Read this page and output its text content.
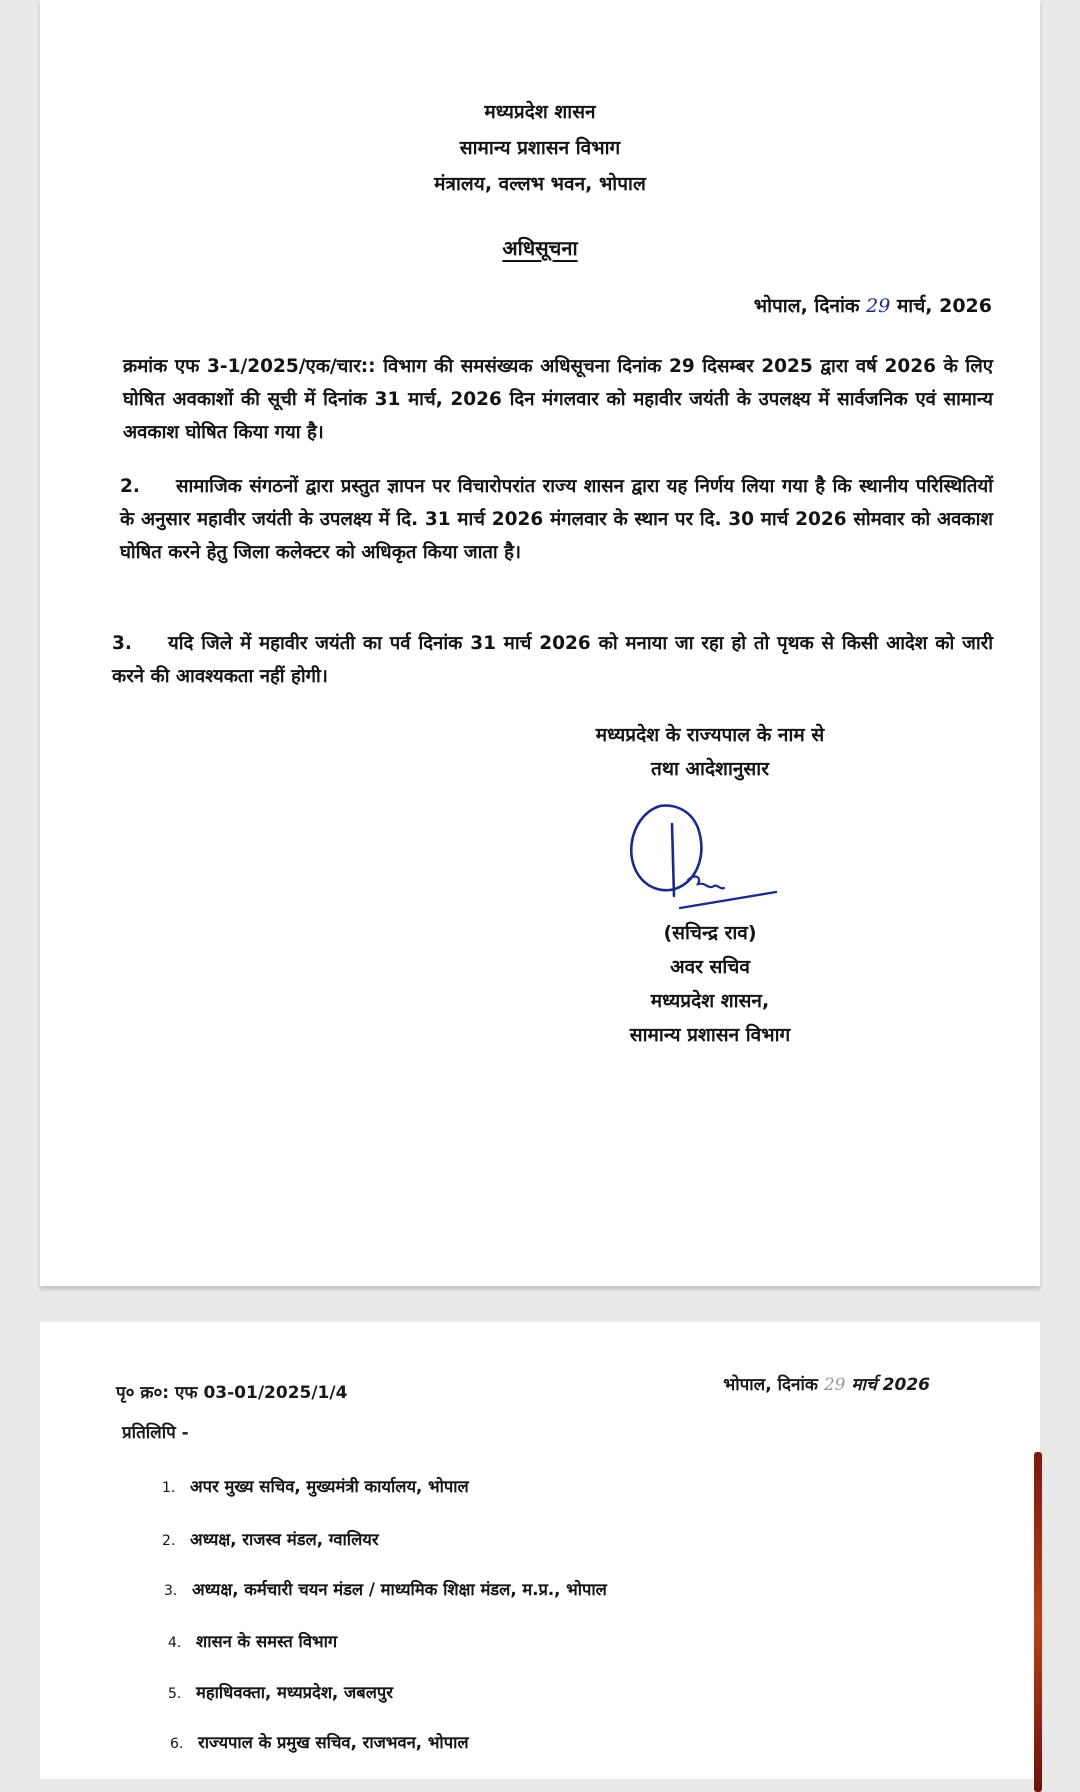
मध्यप्रदेश शासन
सामान्य प्रशासन विभाग
मंत्रालय, वल्लभ भवन, भोपाल
अधिसूचना
भोपाल, दिनांक 29 मार्च, 2026
क्रमांक एफ 3-1/2025/एक/चार:: विभाग की समसंख्यक अधिसूचना दिनांक 29 दिसम्बर 2025 द्वारा वर्ष 2026 के लिए घोषित अवकाशों की सूची में दिनांक 31 मार्च, 2026 दिन मंगलवार को महावीर जयंती के उपलक्ष्य में सार्वजनिक एवं सामान्य अवकाश घोषित किया गया है।
2. सामाजिक संगठनों द्वारा प्रस्तुत ज्ञापन पर विचारोपरांत राज्य शासन द्वारा यह निर्णय लिया गया है कि स्थानीय परिस्थितियों के अनुसार महावीर जयंती के उपलक्ष्य में दि. 31 मार्च 2026 मंगलवार के स्थान पर दि. 30 मार्च 2026 सोमवार को अवकाश घोषित करने हेतु जिला कलेक्टर को अधिकृत किया जाता है।
3. यदि जिले में महावीर जयंती का पर्व दिनांक 31 मार्च 2026 को मनाया जा रहा हो तो पृथक से किसी आदेश को जारी करने की आवश्यकता नहीं होगी।
मध्यप्रदेश के राज्यपाल के नाम से
तथा आदेशानुसार
(सचिन्द्र राव)
अवर सचिव
मध्यप्रदेश शासन,
सामान्य प्रशासन विभाग
पृ० क्र०: एफ 03-01/2025/1/4	भोपाल, दिनांक 29 मार्च 2026
प्रतिलिपि -
1. अपर मुख्य सचिव, मुख्यमंत्री कार्यालय, भोपाल
2. अध्यक्ष, राजस्व मंडल, ग्वालियर
3. अध्यक्ष, कर्मचारी चयन मंडल / माध्यमिक शिक्षा मंडल, म.प्र., भोपाल
4. शासन के समस्त विभाग
5. महाधिवक्ता, मध्यप्रदेश, जबलपुर
6. राज्यपाल के प्रमुख सचिव, राजभवन, भोपाल
